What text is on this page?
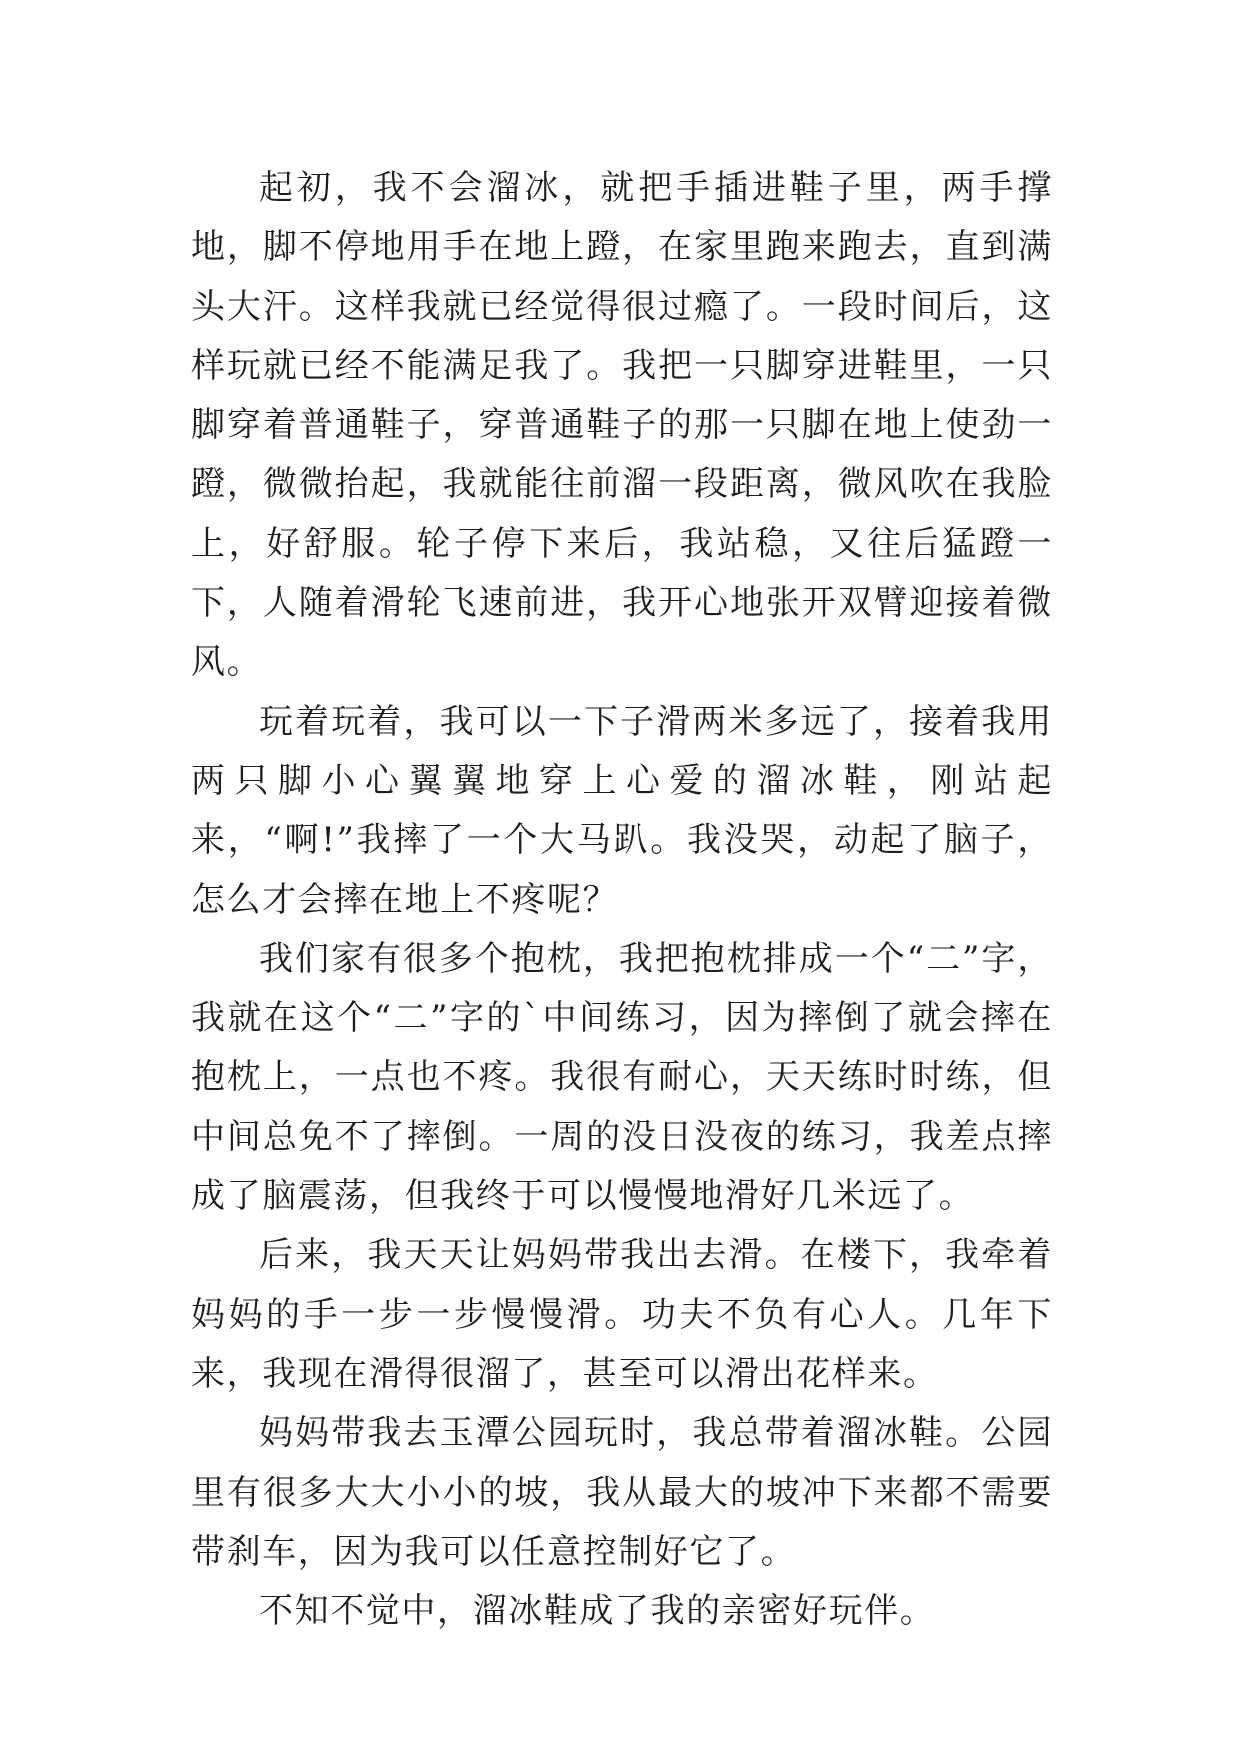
起初，我不会溜冰，就把手插进鞋子里，两手撑地，脚不停地用手在地上蹬，在家里跑来跑去，直到满头大汗。这样我就已经觉得很过瘾了。一段时间后，这样玩就已经不能满足我了。我把一只脚穿进鞋里，一只脚穿着普通鞋子，穿普通鞋子的那一只脚在地上使劲一蹬，微微抬起，我就能往前溜一段距离，微风吹在我脸上，好舒服。轮子停下来后，我站稳，又往后猛蹬一下，人随着滑轮飞速前进，我开心地张开双臂迎接着微风。

玩着玩着，我可以一下子滑两米多远了，接着我用两只脚小心翼翼地穿上心爱的溜冰鞋，刚站起来，“啊!”我摔了一个大马趴。我没哭，动起了脑子，怎么才会摔在地上不疼呢？

我们家有很多个抱枕，我把抱枕排成一个“二”字，我就在这个“二”字的`中间练习，因为摔倒了就会摔在抱枕上，一点也不疼。我很有耐心，天天练时时练，但中间总免不了摔倒。一周的没日没夜的练习，我差点摔成了脑震荡，但我终于可以慢慢地滑好几米远了。

后来，我天天让妈妈带我出去滑。在楼下，我牵着妈妈的手一步一步慢慢滑。功夫不负有心人。几年下来，我现在滑得很溜了，甚至可以滑出花样来。

妈妈带我去玉潭公园玩时，我总带着溜冰鞋。公园里有很多大大小小的坡，我从最大的坡冲下来都不需要带刹车，因为我可以任意控制好它了。

不知不觉中，溜冰鞋成了我的亲密好玩伴。
